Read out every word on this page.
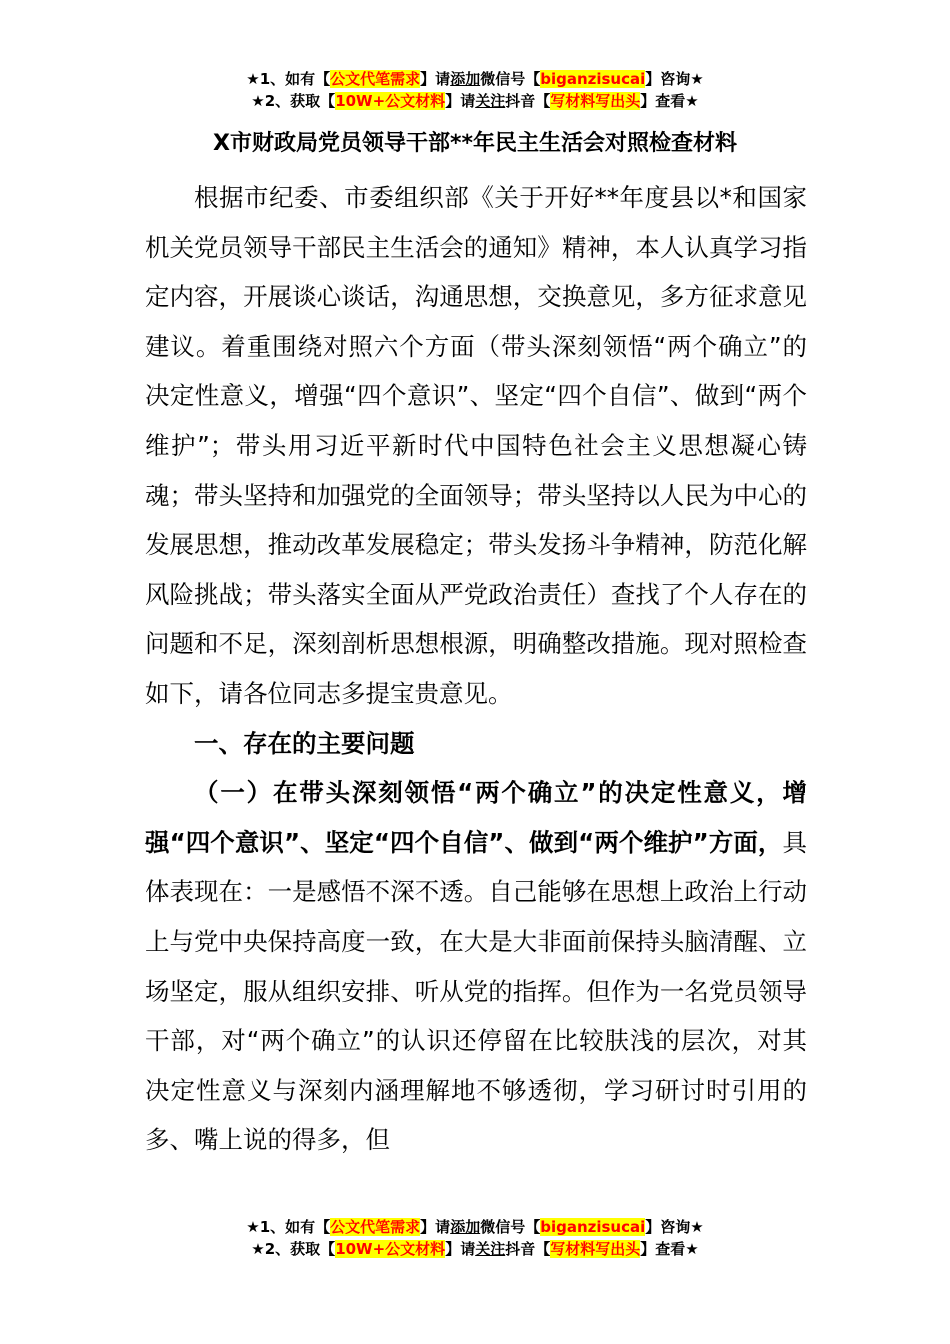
★1、如有【公文代笔需求】请添加微信号【biganzisucai】咨询★
★2、获取【10W+公文材料】请关注抖音【写材料写出头】查看★
X市财政局党员领导干部**年民主生活会对照检查材料

根据市纪委、市委组织部《关于开好**年度县以*和国家机关党员领导干部民主生活会的通知》精神，本人认真学习指定内容，开展谈心谈话，沟通思想，交换意见，多方征求意见建议。着重围绕对照六个方面（带头深刻领悟“两个确立”的决定性意义，增强“四个意识”、坚定“四个自信”、做到“两个维护”；带头用习近平新时代中国特色社会主义思想凝心铸魂；带头坚持和加强党的全面领导；带头坚持以人民为中心的发展思想，推动改革发展稳定；带头发扬斗争精神，防范化解风险挑战；带头落实全面从严党政治责任）查找了个人存在的问题和不足，深刻剖析思想根源，明确整改措施。现对照检查如下，请各位同志多提宝贵意见。

一、存在的主要问题

（一）在带头深刻领悟“两个确立”的决定性意义，增强“四个意识”、坚定“四个自信”、做到“两个维护”方面，具体表现在：一是感悟不深不透。自己能够在思想上政治上行动上与党中央保持高度一致，在大是大非面前保持头脑清醒、立场坚定，服从组织安排、听从党的指挥。但作为一名党员领导干部，对“两个确立”的认识还停留在比较肤浅的层次，对其决定性意义与深刻内涵理解地不够透彻，学习研讨时引用的多、嘴上说的得多，但

★1、如有【公文代笔需求】请添加微信号【biganzisucai】咨询★
★2、获取【10W+公文材料】请关注抖音【写材料写出头】查看★
